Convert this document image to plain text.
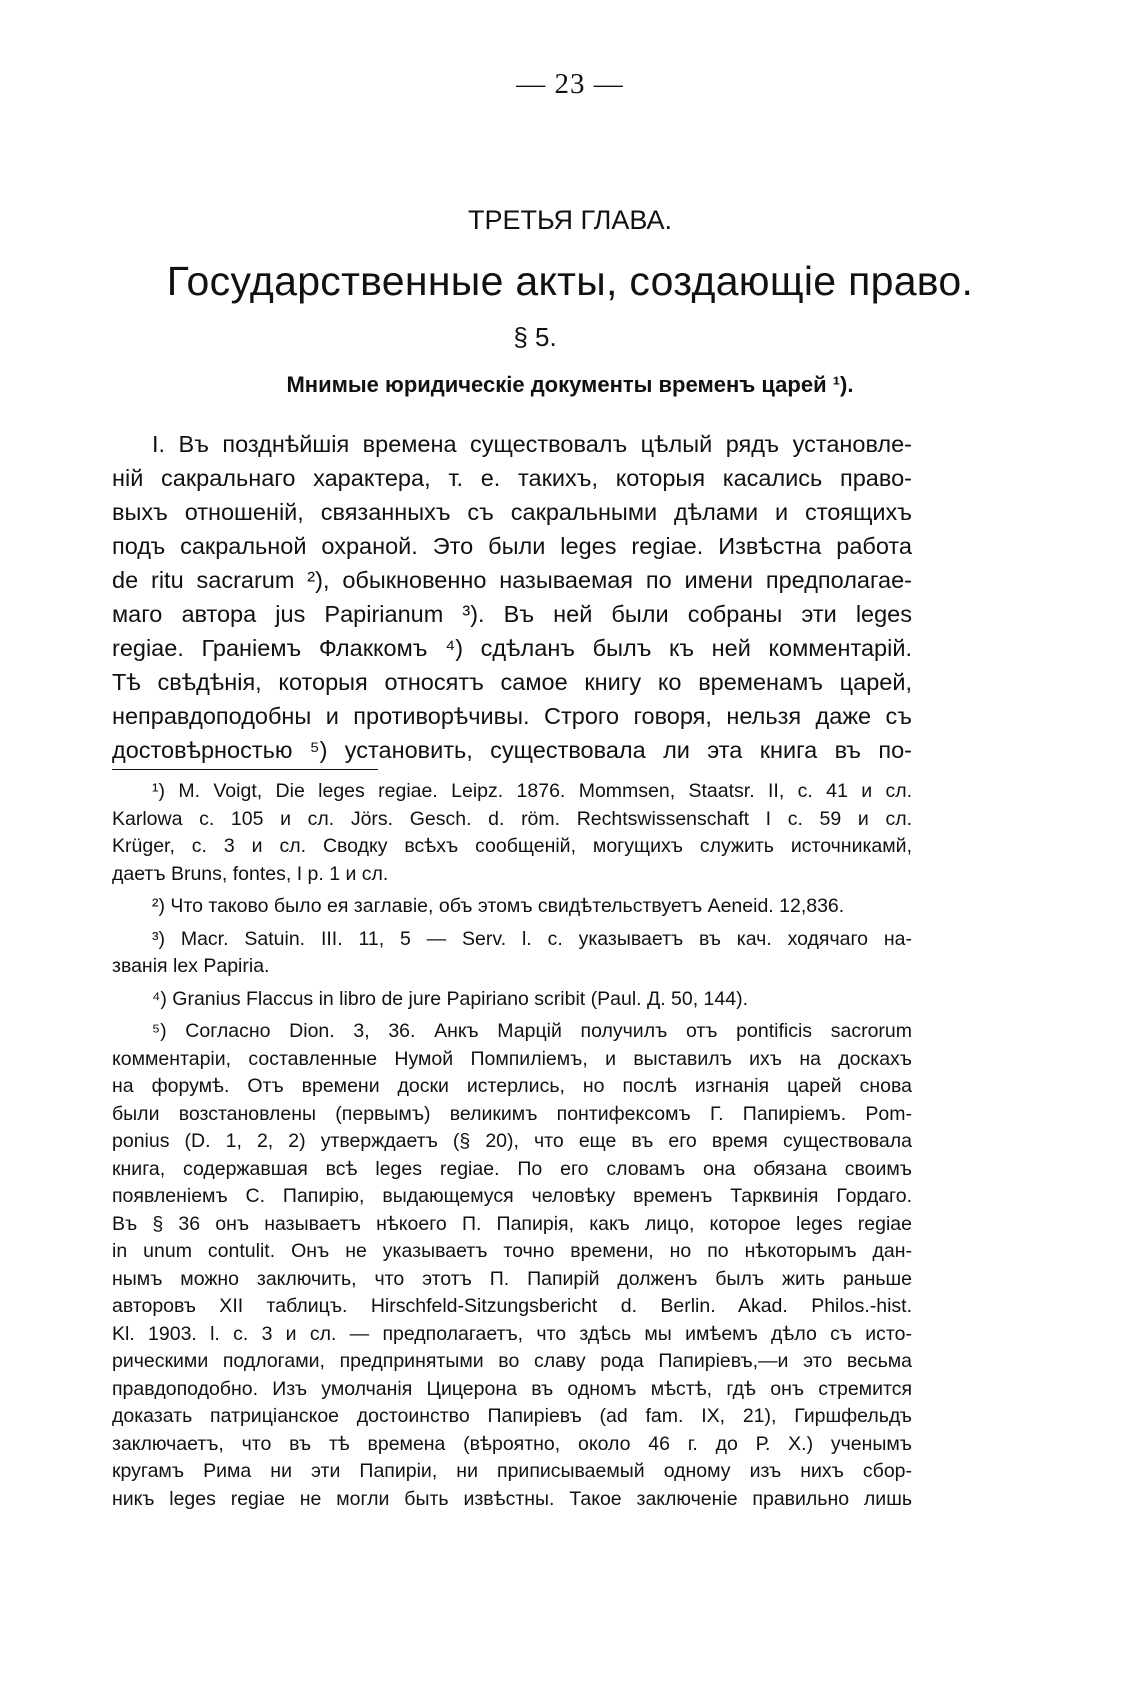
— 23 —
ТРЕТЬЯ ГЛАВА.
Государственные акты, создающіе право.
§ 5.
Мнимые юридическіе документы временъ царей ¹).
I. Въ позднѣйшія времена существовалъ цѣлый рядъ установле-
ній сакральнаго характера, т. е. такихъ, которыя касались право-
выхъ отношеній, связанныхъ съ сакральными дѣлами и стоящихъ
подъ сакральной охраной. Это были leges regiae. Извѣстна работа
de ritu sacrarum ²), обыкновенно называемая по имени предполагае-
маго автора jus Papirianum ³). Въ ней были собраны эти leges
regiae. Граніемъ Флаккомъ ⁴) сдѣланъ былъ къ ней комментарій.
Тѣ свѣдѣнія, которыя относятъ самое книгу ко временамъ царей,
неправдоподобны и противорѣчивы. Строго говоря, нельзя даже съ
достовѣрностью ⁵) установить, существовала ли эта книга въ по-
¹) M. Voigt, Die leges regiae. Leipz. 1876. Mommsen, Staatsr. II, c. 41 и сл.
Karlowa c. 105 и сл. Jörs. Gesch. d. röm. Rechtswissenschaft I c. 59 и сл.
Krüger, c. 3 и сл. Сводку всѣхъ сообщеній, могущихъ служить источникамй,
даетъ Bruns, fontes, I p. 1 и сл.
²) Что таково было ея заглавіе, объ этомъ свидѣтельствуетъ Aeneid. 12,836.
³) Macr. Satuin. III. 11, 5 — Serv. l. c. указываетъ въ кач. ходячаго на-
званія lex Papiria.
⁴) Granius Flaccus in libro de jure Papiriano scribit (Paul. Д. 50, 144).
⁵) Согласно Dion. 3, 36. Анкъ Марцій получилъ отъ pontificis sacrorum
комментаріи, составленные Нумой Помпиліемъ, и выставилъ ихъ на доскахъ
на форумѣ. Отъ времени доски истерлись, но послѣ изгнанія царей снова
были возстановлены (первымъ) великимъ понтифексомъ Г. Папиріемъ. Pom-
ponius (D. 1, 2, 2) утверждаетъ (§ 20), что еще въ его время существовала
книга, содержавшая всѣ leges regiae. По его словамъ она обязана своимъ
появленіемъ С. Папирію, выдающемуся человѣку временъ Тарквинія Гордаго.
Въ § 36 онъ называетъ нѣкоего П. Папирія, какъ лицо, которое leges regiae
in unum contulit. Онъ не указываетъ точно времени, но по нѣкоторымъ дан-
нымъ можно заключить, что этотъ П. Папирій долженъ былъ жить раньше
авторовъ XII таблицъ. Hirschfeld-Sitzungsbericht d. Berlin. Akad. Philos.-hist.
Kl. 1903. l. c. 3 и сл. — предполагаетъ, что здѣсь мы имѣемъ дѣло съ исто-
рическими подлогами, предпринятыми во славу рода Папиріевъ,—и это весьма
правдоподобно. Изъ умолчанія Цицерона въ одномъ мѣстѣ, гдѣ онъ стремится
доказать патриціанское достоинство Папиріевъ (ad fam. IX, 21), Гиршфельдъ
заключаетъ, что въ тѣ времена (вѣроятно, около 46 г. до Р. Х.) ученымъ
кругамъ Рима ни эти Папиріи, ни приписываемый одному изъ нихъ сбор-
никъ leges regiae не могли быть извѣстны. Такое заключеніе правильно лишь
